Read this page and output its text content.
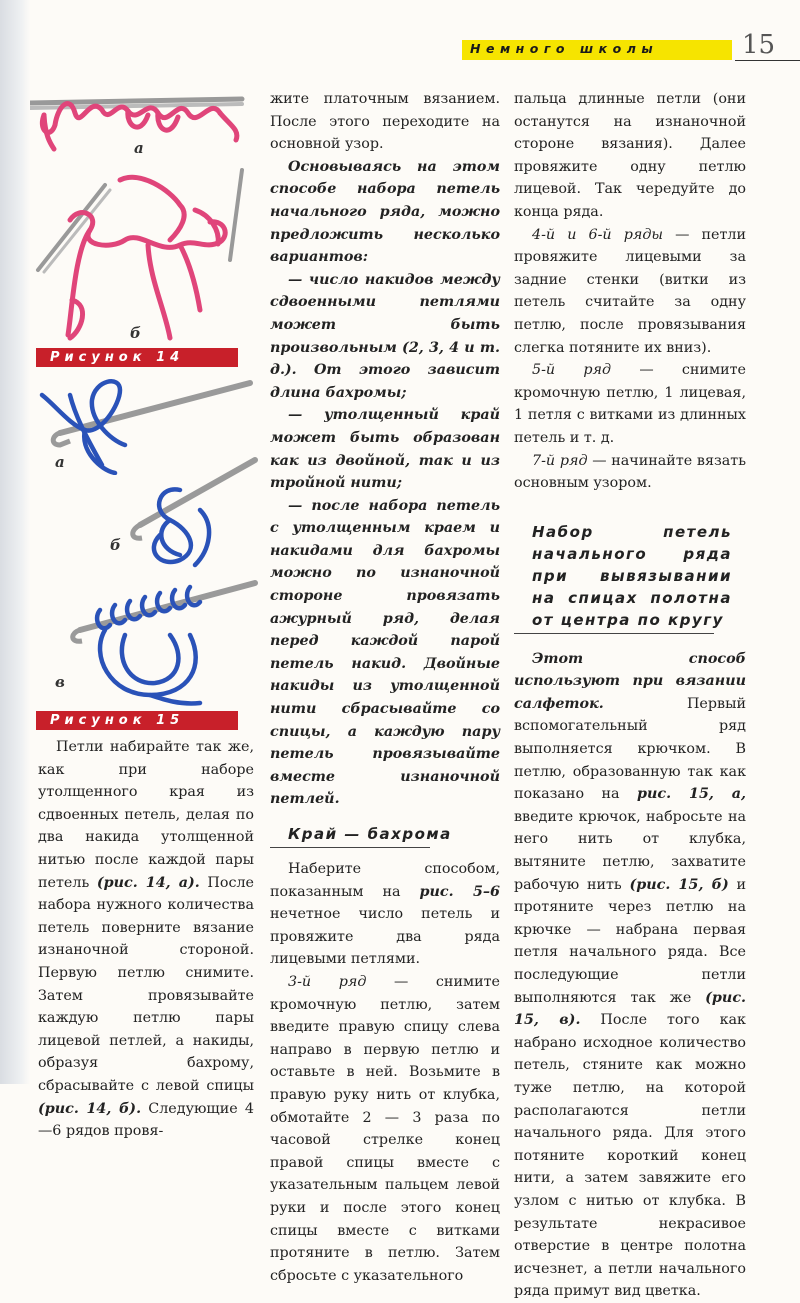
Немного школы	15
а
б
Рисунок 14
а
б
в
Рисунок 15

Петли набирайте так же, как при наборе утолщенного края из сдвоенных петель, делая по два накида утолщенной нитью после каждой пары петель (рис. 14, а). После набора нужного количества петель поверните вязание изнаночной стороной. Первую петлю снимите. Затем провязывайте каждую петлю пары лицевой петлей, а накиды, образуя бахрому, сбрасывайте с левой спицы (рис. 14, б). Следующие 4—6 рядов провя-

жите платочным вязанием. После этого переходите на основной узор.

Основываясь на этом способе набора петель начального ряда, можно предложить несколько вариантов:

— число накидов между сдвоенными петлями может быть произвольным (2, 3, 4 и т. д.). От этого зависит длина бахромы;

— утолщенный край может быть образован как из двойной, так и из тройной нити;

— после набора петель с утолщенным краем и накидами для бахромы можно по изнаночной стороне провязать ажурный ряд, делая перед каждой парой петель накид. Двойные накиды из утолщенной нити сбрасывайте со спицы, а каждую пару петель провязывайте вместе изнаночной петлей.

Край — бахрома

Наберите способом, показанным на рис. 5–6 нечетное число петель и провяжите два ряда лицевыми петлями.

3-й ряд — снимите кромочную петлю, затем введите правую спицу слева направо в первую петлю и оставьте в ней. Возьмите в правую руку нить от клубка, обмотайте 2 — 3 раза по часовой стрелке конец правой спицы вместе с указательным пальцем левой руки и после этого конец спицы вместе с витками протяните в петлю. Затем сбросьте с указательного

пальца длинные петли (они останутся на изнаночной стороне вязания). Далее провяжите одну петлю лицевой. Так чередуйте до конца ряда.

4-й и 6-й ряды — петли провяжите лицевыми за задние стенки (витки из петель считайте за одну петлю, после провязывания слегка потяните их вниз).

5-й ряд — снимите кромочную петлю, 1 лицевая, 1 петля с витками из длинных петель и т. д.

7-й ряд — начинайте вязать основным узором.

Набор петель начального ряда при вывязывании на спицах полотна от центра по кругу

Этот способ используют при вязании салфеток.	Первый вспомогательный ряд выполняется крючком. В петлю, образованную так как показано на рис. 15, а, введите крючок, набросьте на него нить от клубка, вытяните петлю, захватите рабочую нить (рис. 15, б) и протяните через петлю на крючке — набрана первая петля начального ряда. Все последующие петли выполняются так же (рис. 15, в). После того как набрано исходное количество петель, стяните как можно туже петлю, на которой располагаются петли начального ряда. Для этого потяните короткий конец нити, а затем завяжите его узлом с нитью от клубка. В результате некрасивое отверстие в центре полотна исчезнет, а петли начального ряда примут вид цветка.
